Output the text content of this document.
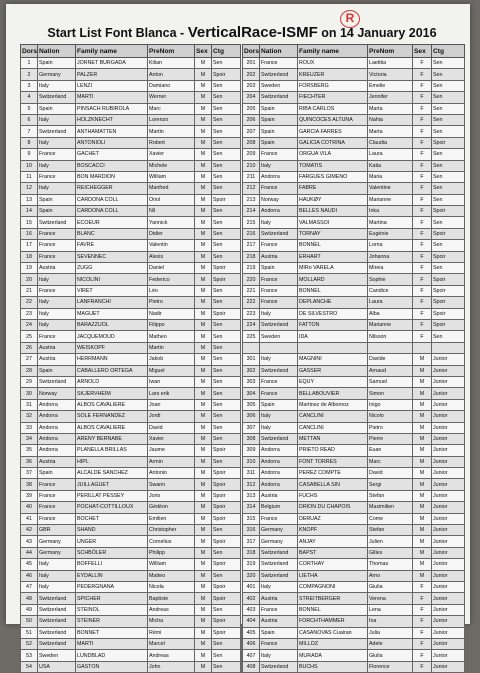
Start List Font Blanca - VerticalRace-ISMF on 14 January 2016
R
Dors	Nation	Family name	PreNom	Sex	Ctg
1	Spain	JORNET BURGADA	Kilian	M	Sen
2	Germany	PALZER	Anton	M	Spoir
3	Italy	LENZI	Damiano	M	Sen
4	Switzerland	MARTI	Werner	M	Sen
5	Spain	PINSACH RUBIROLA	Marc	M	Sen
6	Italy	HOLZKNECHT	Lorenzo	M	Sen
7	Switzerland	ANTHAMATTEN	Martin	M	Sen
8	Italy	ANTONIOLI	Robert	M	Sen
9	France	GACHET	Xavier	M	Sen
10	Italy	BOSCACCI	Michele	M	Sen
11	France	BON MARDION	William	M	Sen
12	Italy	REICHEGGER	Manfred	M	Sen
13	Spain	CARDONA COLL	Oriol	M	Spoir
14	Spain	CARDONA COLL	Nil	M	Sen
15	Switzerland	ECOEUR	Yannick	M	Sen
16	France	BLANC	Didier	M	Sen
17	France	FAVRE	Valentin	M	Sen
18	France	SEVENNEC	Alexis	M	Sen
19	Austria	ZUGG	Daniel	M	Spoir
20	Italy	NICOLINI	Federico	M	Spoir
21	France	VIRET	Léo	M	Sen
22	Italy	LANFRANCHI	Pietro	M	Sen
23	Italy	MAGUET	Nadir	M	Spoir
24	Italy	BARAZZUOL	Filippo	M	Sen
25	France	JACQUEMOUD	Matheo	M	Sen
26	Austria	WEISKOPF	Martin	M	Sen
27	Austria	HERRMANN	Jakob	M	Sen
28	Spain	CABALLERO ORTEGA	Miguel	M	Sen
29	Switzerland	ARNOLD	Iwan	M	Sen
30	Norway	SKJERVHEIM	Lars erik	M	Sen
31	Andorra	ALBOS CAVALIERE	Joan	M	Sen
32	Andorra	SOLE FERNANDEZ	Jordi	M	Sen
33	Andorra	ALBOS CAVALIERE	David	M	Sen
34	Andorra	ARENY BERNABE	Xavier	M	Sen
35	Andorra	PLANELLA BRILLAS	Jaume	M	Spoir
36	Austria	HIPL	Armin	M	Sen
37	Spain	ALCALDE SANCHEZ	Antonio	M	Spoir
38	France	JUILLAGUET	Swann	M	Spoir
39	France	PERILLAT PESSEY	Joris	M	Spoir
40	France	POCHAT-COTTILLOUX	Gédéon	M	Spoir
41	France	BOCHET	Emilien	M	Spoir
42	GBR	SHAND	Christopher	M	Sen
43	Germany	UNGER	Cornelius	M	Spoir
44	Germany	SCHBÖLER	Philipp	M	Sen
45	Italy	BOFFELLI	William	M	Spoir
46	Italy	EYDALLIN	Matteo	M	Sen
47	Italy	PEDERGNANA	Nicola	M	Spoir
48	Switzerland	SPICHER	Baptiste	M	Spoir
49	Switzerland	STEINOL	Andreas	M	Sen
50	Switzerland	STEINER	Micha	M	Spoir
51	Switzerland	BONNET	Rémi	M	Spoir
52	Switzerland	MARTI	Marcel	M	Sen
53	Sweden	LUNDBLAD	Andreas	M	Sen
54	USA	GASTON	John	M	Sen
Dors	Nation	Family name	PreNom	Sex	Ctg
201	France	ROUX	Laetitia	F	Sen
202	Switzerland	KREUZER	Victoria	F	Sen
203	Sweden	FORSBERG	Emelie	F	Sen
204	Switzerland	FIECHTER	Jennifer	F	Sen
205	Spain	RIBA CARLOS	Marta	F	Sen
206	Spain	QUINCOCES ALTUNA	Nahia	F	Sen
207	Spain	GARCIA FARRES	Marta	F	Sen
208	Spain	GALICIA COTRINA	Claudia	F	Spoir
209	France	ORGUA VILA	Laura	F	Sen
210	Italy	TOMATIS	Katia	F	Sen
211	Andorra	FARGUES GIMENO	Maria	F	Sen
212	France	FABRE	Valentine	F	Sen
213	Norway	HAUKØY	Marianne	F	Sen
214	Andorra	BELLES NAUDI	Inka	F	Spoir
215	Italy	VALMASSOI	Martina	F	Sen
216	Switzerland	TORNAY	Eugénie	F	Spoir
217	France	BONNEL	Lorna	F	Sen
218	Austria	ERHART	Johanna	F	Spoir
219	Spain	MIRo VARELA	Mireia	F	Sen
220	France	MOLLARD	Sophie	F	Spoir
221	France	BONNEL	Candice	F	Spoir
222	France	DEPLANCHE	Laura	F	Spoir
223	Italy	DE SILVESTRO	Alba	F	Spoir
224	Switzerland	FATTON	Marianne	F	Spoir
225	Sweden	IDA	Nilsson	F	Sen

301	Italy	MAGNINI	Davide	M	Junior
302	Switzerland	GASSER	Arnaud	M	Junior
303	France	EQUY	Samuel	M	Junior
304	France	BELLABOUVIER	Simon	M	Junior
305	Spain	Martinez de Albornoz	Inigo	M	Junior
306	Italy	CANCLINI	Nicolo	M	Junior
307	Italy	CANCLINI	Pietro	M	Junior
308	Switzerland	METTAN	Pierre	M	Junior
309	Andorra	PRIETO READ	Euan	M	Junior
310	Andorra	FONT TORRES	Marc	M	Junior
311	Andorra	PEREZ COMPTE	David	M	Junior
312	Andorra	CASABELLA SIN	Sergi	M	Junior
313	Austria	FUCHS	Stefan	M	Junior
314	Belgium	DRION DU CHAPOIS	Maximilien	M	Junior
315	France	DERUAZ	Come	M	Junior
316	Germany	KNOPF	Stefan	M	Junior
317	Germany	ANJAY	Julien	M	Junior
318	Switzerland	BAPST	Gilles	M	Junior
319	Switzerland	CORTHAY	Thomas	M	Junior
320	Switzerland	LIETHA	Arno	M	Junior
401	Italy	COMPAGNONI	Giulia	F	Junior
402	Austria	STREITBERGER	Verena	F	Junior
403	France	BONNEL	Lena	F	Junior
404	Austria	FORCHTHAMMER	Ina	F	Junior
405	Spain	CASANOVAS Cuairan	Julia	F	Junior
406	France	MILLOZ	Adele	F	Junior
407	Italy	MURADA	Giulia	F	Junior
408	Switzerland	BUCHS	Florence	F	Junior
